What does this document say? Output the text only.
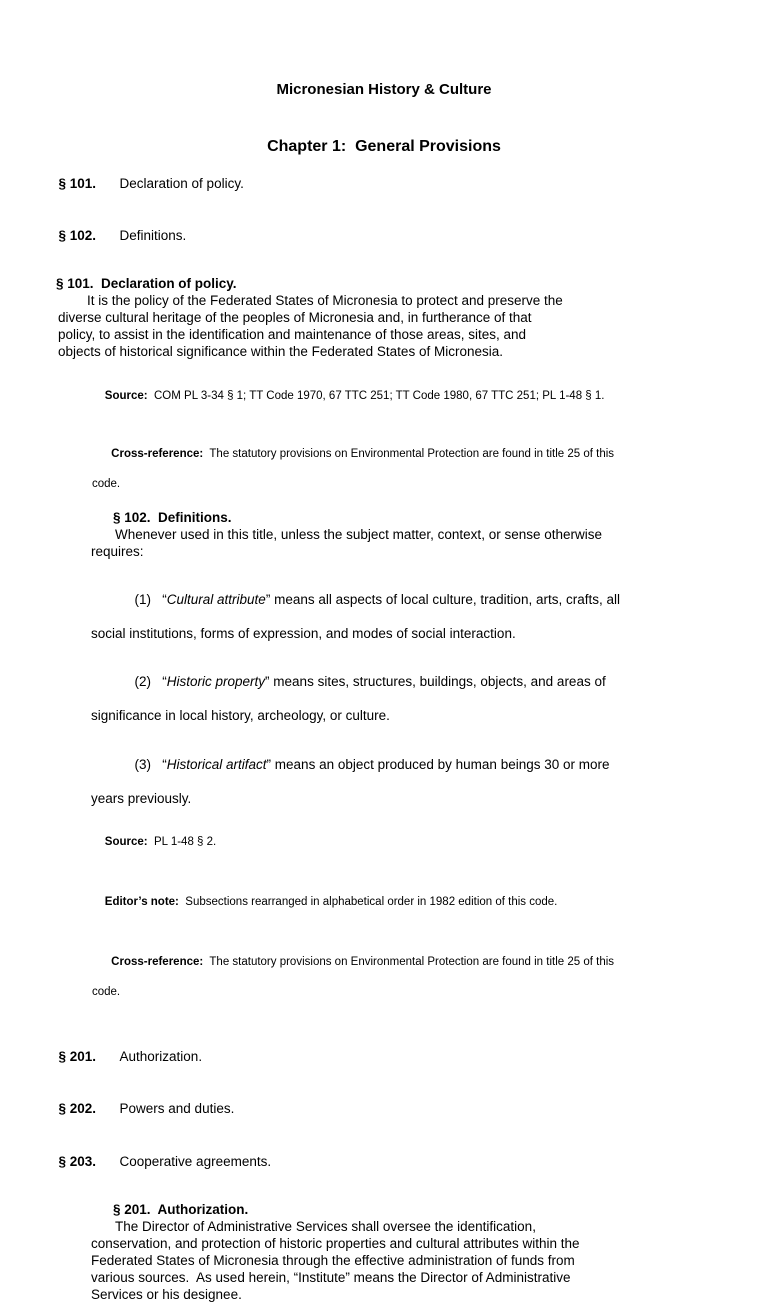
Micronesian History & Culture
Chapter 1:  General Provisions

§ 101. Declaration of policy.

§ 102. Definitions.

§ 101.  Declaration of policy.
It is the policy of the Federated States of Micronesia to protect and preserve the
diverse cultural heritage of the peoples of Micronesia and, in furtherance of that
policy, to assist in the identification and maintenance of those areas, sites, and
objects of historical significance within the Federated States of Micronesia.

Source:  COM PL 3-34 § 1; TT Code 1970, 67 TTC 251; TT Code 1980, 67 TTC 251; PL 1-48 § 1.

Cross-reference:  The statutory provisions on Environmental Protection are found in title 25 of this

code.
§ 102.  Definitions.
Whenever used in this title, unless the subject matter, context, or sense otherwise
requires:

(1)   “Cultural attribute” means all aspects of local culture, tradition, arts, crafts, all

social institutions, forms of expression, and modes of social interaction.

(2)   “Historic property” means sites, structures, buildings, objects, and areas of

significance in local history, archeology, or culture.

(3)   “Historical artifact” means an object produced by human beings 30 or more

years previously.

Source:  PL 1-48 § 2.

Editor’s note:  Subsections rearranged in alphabetical order in 1982 edition of this code.

Cross-reference:  The statutory provisions on Environmental Protection are found in title 25 of this

code.

§ 201. Authorization.

§ 202. Powers and duties.

§ 203. Cooperative agreements.

§ 201.  Authorization.
The Director of Administrative Services shall oversee the identification,
conservation, and protection of historic properties and cultural attributes within the
Federated States of Micronesia through the effective administration of funds from
various sources.  As used herein, “Institute” means the Director of Administrative
Services or his designee.
